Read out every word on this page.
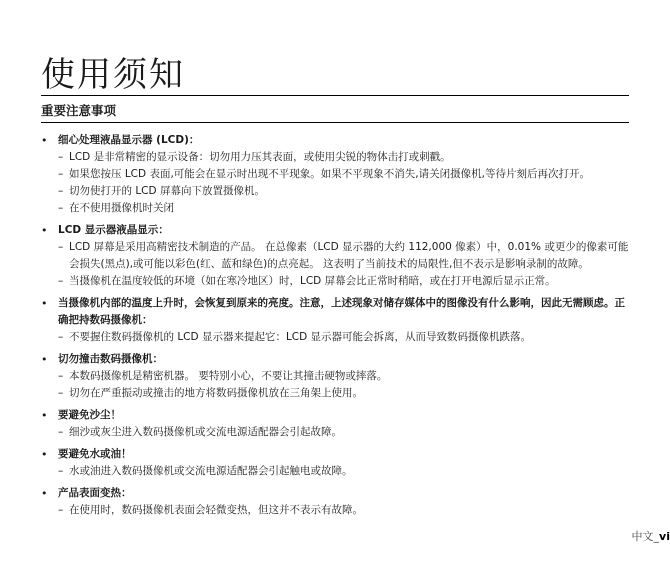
使用须知
重要注意事项
• 细心处理液晶显示器 (LCD)：
– LCD 是非常精密的显示设备：切勿用力压其表面，或使用尖锐的物体击打或刺戳。
– 如果您按压 LCD 表面,可能会在显示时出现不平现象。如果不平现象不消失,请关闭摄像机,等待片刻后再次打开。
– 切勿使打开的 LCD 屏幕向下放置摄像机。
– 在不使用摄像机时关闭
• LCD 显示器液晶显示：
– LCD 屏幕是采用高精密技术制造的产品。 在总像素（LCD 显示器的大约 112,000 像素）中，0.01% 或更少的像素可能会损失(黑点),或可能以彩色(红、蓝和绿色)的点亮起。 这表明了当前技术的局限性,但不表示是影响录制的故障。
– 当摄像机在温度较低的环境（如在寒冷地区）时，LCD 屏幕会比正常时稍暗，或在打开电源后显示正常。
• 当摄像机内部的温度上升时，会恢复到原来的亮度。注意，上述现象对储存媒体中的图像没有什么影响，因此无需顾虑。正确把持数码摄像机：
– 不要握住数码摄像机的 LCD 显示器来提起它：LCD 显示器可能会拆离，从而导致数码摄像机跌落。
• 切勿撞击数码摄像机：
– 本数码摄像机是精密机器。 要特别小心，不要让其撞击硬物或摔落。
– 切勿在严重振动或撞击的地方将数码摄像机放在三角架上使用。
• 要避免沙尘！
– 细沙或灰尘进入数码摄像机或交流电源适配器会引起故障。
• 要避免水或油！
– 水或油进入数码摄像机或交流电源适配器会引起触电或故障。
• 产品表面变热：
– 在使用时，数码摄像机表面会轻微变热，但这并不表示有故障。
中文_vi
